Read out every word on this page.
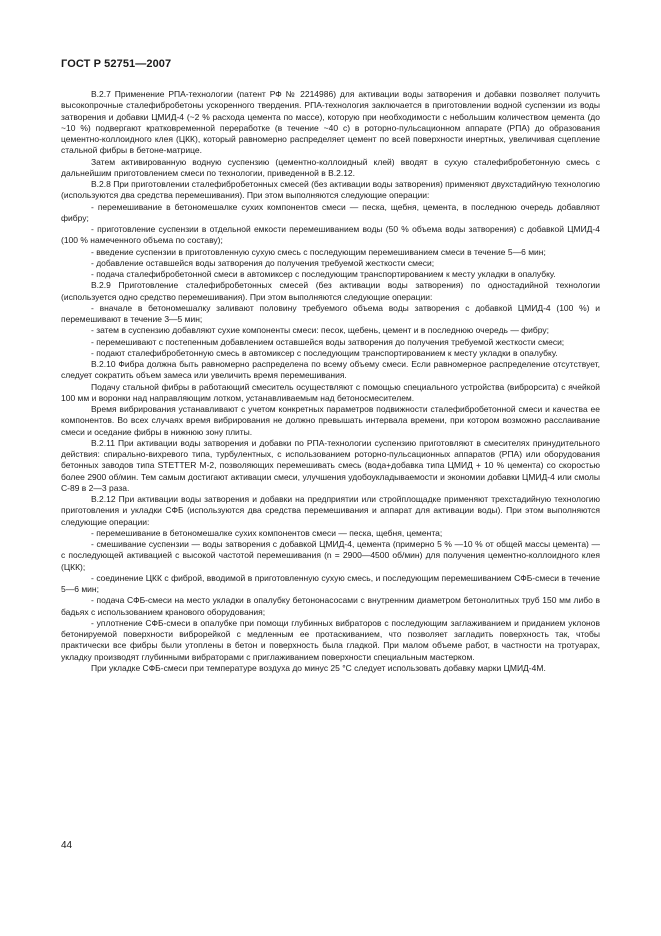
ГОСТ Р 52751—2007

В.2.7 Применение РПА-технологии (патент РФ № 2214986) для активации воды затворения и добавки позволяет получить высокопрочные сталефибробетоны ускоренного твердения. РПА-технология заключается в приготовлении водной суспензии из воды затворения и добавки ЦМИД-4 (~2 % расхода цемента по массе), которую при необходимости с небольшим количеством цемента (до ~10 %) подвергают кратковременной переработке (в течение ~40 с) в роторно-пульсационном аппарате (РПА) до образования цементно-коллоидного клея (ЦКК), который равномерно распределяет цемент по всей поверхности инертных, увеличивая сцепление стальной фибры в бетоне-матрице.

Затем активированную водную суспензию (цементно-коллоидный клей) вводят в сухую сталефибробетонную смесь с дальнейшим приготовлением смеси по технологии, приведенной в В.2.12.

В.2.8 При приготовлении сталефибробетонных смесей (без активации воды затворения) применяют двухстадийную технологию (используются два средства перемешивания). При этом выполняются следующие операции:

- перемешивание в бетономешалке сухих компонентов смеси — песка, щебня, цемента, в последнюю очередь добавляют фибру;

- приготовление суспензии в отдельной емкости перемешиванием воды (50 % объема воды затворения) с добавкой ЦМИД-4 (100 % намеченного объема по составу);

- введение суспензии в приготовленную сухую смесь с последующим перемешиванием смеси в течение 5—6 мин;

- добавление оставшейся воды затворения до получения требуемой жесткости смеси;

- подача сталефибробетонной смеси в автомиксер с последующим транспортированием к месту укладки в опалубку.

В.2.9 Приготовление сталефибробетонных смесей (без активации воды затворения) по одностадийной технологии (используется одно средство перемешивания). При этом выполняются следующие операции:

- вначале в бетономешалку заливают половину требуемого объема воды затворения с добавкой ЦМИД-4 (100 %) и перемешивают в течение 3—5 мин;

- затем в суспензию добавляют сухие компоненты смеси: песок, щебень, цемент и в последнюю очередь — фибру;

- перемешивают с постепенным добавлением оставшейся воды затворения до получения требуемой жесткости смеси;

- подают сталефибробетонную смесь в автомиксер с последующим транспортированием к месту укладки в опалубку.

В.2.10 Фибра должна быть равномерно распределена по всему объему смеси. Если равномерное распределение отсутствует, следует сократить объем замеса или увеличить время перемешивания.

Подачу стальной фибры в работающий смеситель осуществляют с помощью специального устройства (виброрсита) с ячейкой 100 мм и воронки над направляющим лотком, устанавливаемым над бетоносмесителем.

Время вибрирования устанавливают с учетом конкретных параметров подвижности сталефибробетонной смеси и качества ее компонентов. Во всех случаях время вибрирования не должно превышать интервала времени, при котором возможно расслаивание смеси и оседание фибры в нижнюю зону плиты.

В.2.11 При активации воды затворения и добавки по РПА-технологии суспензию приготовляют в смесителях принудительного действия: спирально-вихревого типа, турбулентных, с использованием роторно-пульсационных аппаратов (РПА) или оборудования бетонных заводов типа STETTER M-2, позволяющих перемешивать смесь (вода+добавка типа ЦМИД + 10 % цемента) со скоростью более 2900 об/мин. Тем самым достигают активации смеси, улучшения удобоукладываемости и экономии добавки ЦМИД-4 или смолы С-89 в 2—3 раза.

В.2.12 При активации воды затворения и добавки на предприятии или стройплощадке применяют трехстадийную технологию приготовления и укладки СФБ (используются два средства перемешивания и аппарат для активации воды). При этом выполняются следующие операции:

- перемешивание в бетономешалке сухих компонентов смеси — песка, щебня, цемента;

- смешивание суспензии — воды затворения с добавкой ЦМИД-4, цемента (примерно 5 % —10 % от общей массы цемента) — с последующей активацией с высокой частотой перемешивания (n = 2900—4500 об/мин) для получения цементно-коллоидного клея (ЦКК);

- соединение ЦКК с фиброй, вводимой в приготовленную сухую смесь, и последующим перемешиванием СФБ-смеси в течение 5—6 мин;

- подача СФБ-смеси на место укладки в опалубку бетононасосами с внутренним диаметром бетонолитных труб 150 мм либо в бадьях с использованием кранового оборудования;

- уплотнение СФБ-смеси в опалубке при помощи глубинных вибраторов с последующим заглаживанием и приданием уклонов бетонируемой поверхности виброрейкой с медленным ее протаскиванием, что позволяет загладить поверхность так, чтобы практически все фибры были утоплены в бетон и поверхность была гладкой. При малом объеме работ, в частности на тротуарах, укладку производят глубинными вибраторами с приглаживанием поверхности специальным мастерком.

При укладке СФБ-смеси при температуре воздуха до минус 25 °С следует использовать добавку марки ЦМИД-4М.

44
